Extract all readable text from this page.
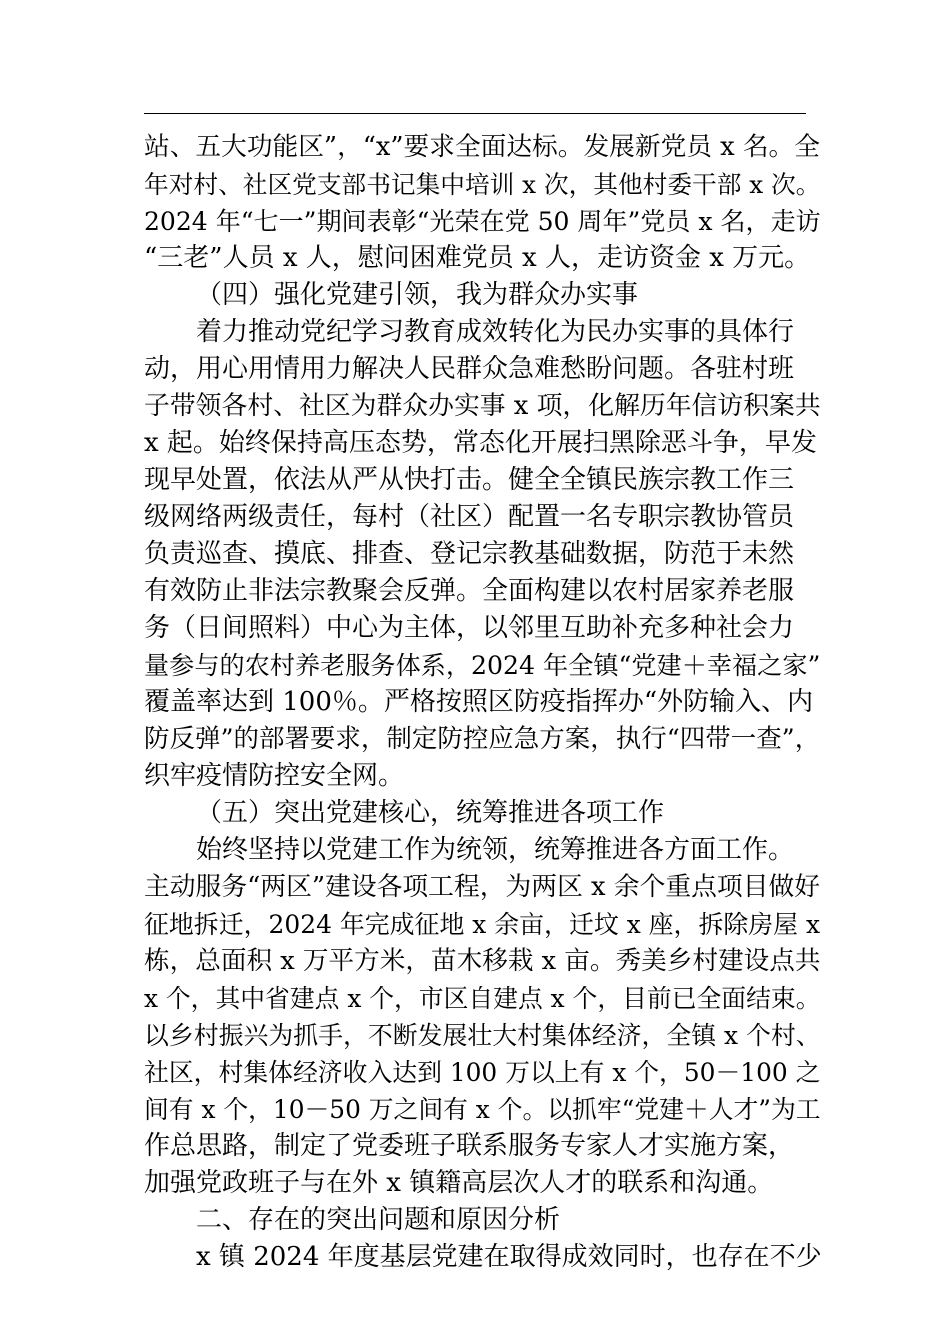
站、五大功能区”，“x”要求全面达标。发展新党员 x 名。全
年对村、社区党支部书记集中培训 x 次，其他村委干部 x 次。
2024 年“七一”期间表彰“光荣在党 50 周年”党员 x 名，走访
“三老”人员 x 人，慰问困难党员 x 人，走访资金 x 万元。
（四）强化党建引领，我为群众办实事
着力推动党纪学习教育成效转化为民办实事的具体行
动，用心用情用力解决人民群众急难愁盼问题。各驻村班
子带领各村、社区为群众办实事 x 项，化解历年信访积案共
x 起。始终保持高压态势，常态化开展扫黑除恶斗争，早发
现早处置，依法从严从快打击。健全全镇民族宗教工作三
级网络两级责任，每村（社区）配置一名专职宗教协管员
负责巡查、摸底、排查、登记宗教基础数据，防范于未然
有效防止非法宗教聚会反弹。全面构建以农村居家养老服
务（日间照料）中心为主体，以邻里互助补充多种社会力
量参与的农村养老服务体系，2024 年全镇“党建＋幸福之家”
覆盖率达到 100％。严格按照区防疫指挥办“外防输入、内
防反弹”的部署要求，制定防控应急方案，执行“四带一查”，
织牢疫情防控安全网。
（五）突出党建核心，统筹推进各项工作
始终坚持以党建工作为统领，统筹推进各方面工作。
主动服务“两区”建设各项工程，为两区 x 余个重点项目做好
征地拆迁，2024 年完成征地 x 余亩，迁坟 x 座，拆除房屋 x
栋，总面积 x 万平方米，苗木移栽 x 亩。秀美乡村建设点共
x 个，其中省建点 x 个，市区自建点 x 个，目前已全面结束。
以乡村振兴为抓手，不断发展壮大村集体经济，全镇 x 个村、
社区，村集体经济收入达到 100 万以上有 x 个，50－100 之
间有 x 个，10－50 万之间有 x 个。以抓牢“党建＋人才”为工
作总思路，制定了党委班子联系服务专家人才实施方案，
加强党政班子与在外 x 镇籍高层次人才的联系和沟通。
二、存在的突出问题和原因分析
x 镇 2024 年度基层党建在取得成效同时，也存在不少
